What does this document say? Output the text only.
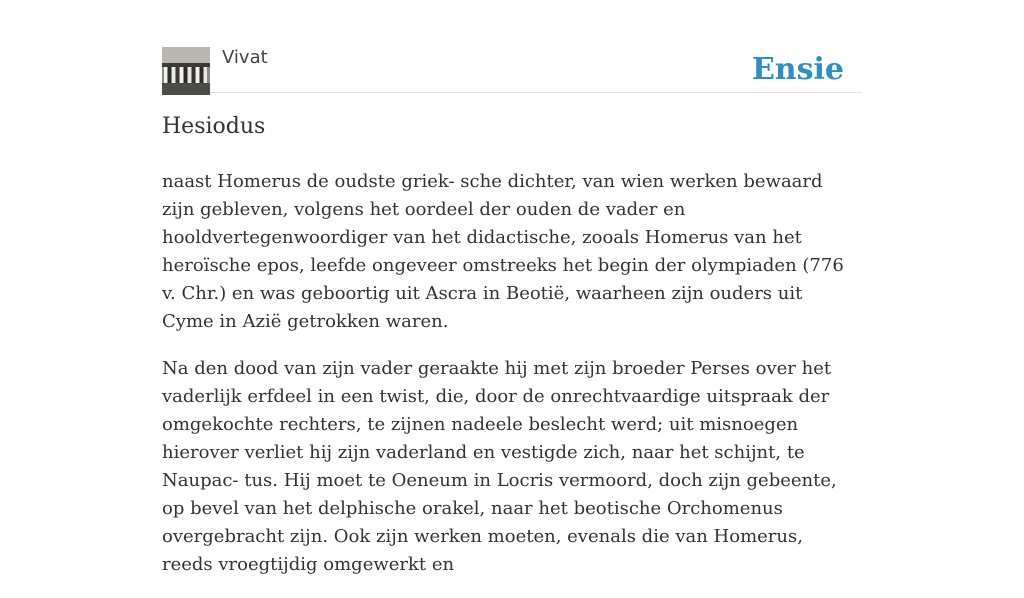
Vivat	Ensie
Hesiodus

naast Homerus de oudste griek- sche dichter, van wien werken bewaard zijn gebleven, volgens het oordeel der ouden de vader en hooldvertegenwoordiger van het didactische, zooals Homerus van het heroïsche epos, leefde ongeveer omstreeks het begin der olympiaden (776 v. Chr.) en was geboortig uit Ascra in Beotië, waarheen zijn ouders uit Cyme in Azië getrokken waren.

Na den dood van zijn vader geraakte hij met zijn broeder Perses over het vaderlijk erfdeel in een twist, die, door de onrechtvaardige uitspraak der omgekochte rechters, te zijnen nadeele beslecht werd; uit misnoegen hierover verliet hij zijn vaderland en vestigde zich, naar het schijnt, te Naupac- tus. Hij moet te Oeneum in Locris vermoord, doch zijn gebeente, op bevel van het delphische orakel, naar het beotische Orchomenus overgebracht zijn. Ook zijn werken moeten, evenals die van Homerus, reeds vroegtijdig omgewerkt en
